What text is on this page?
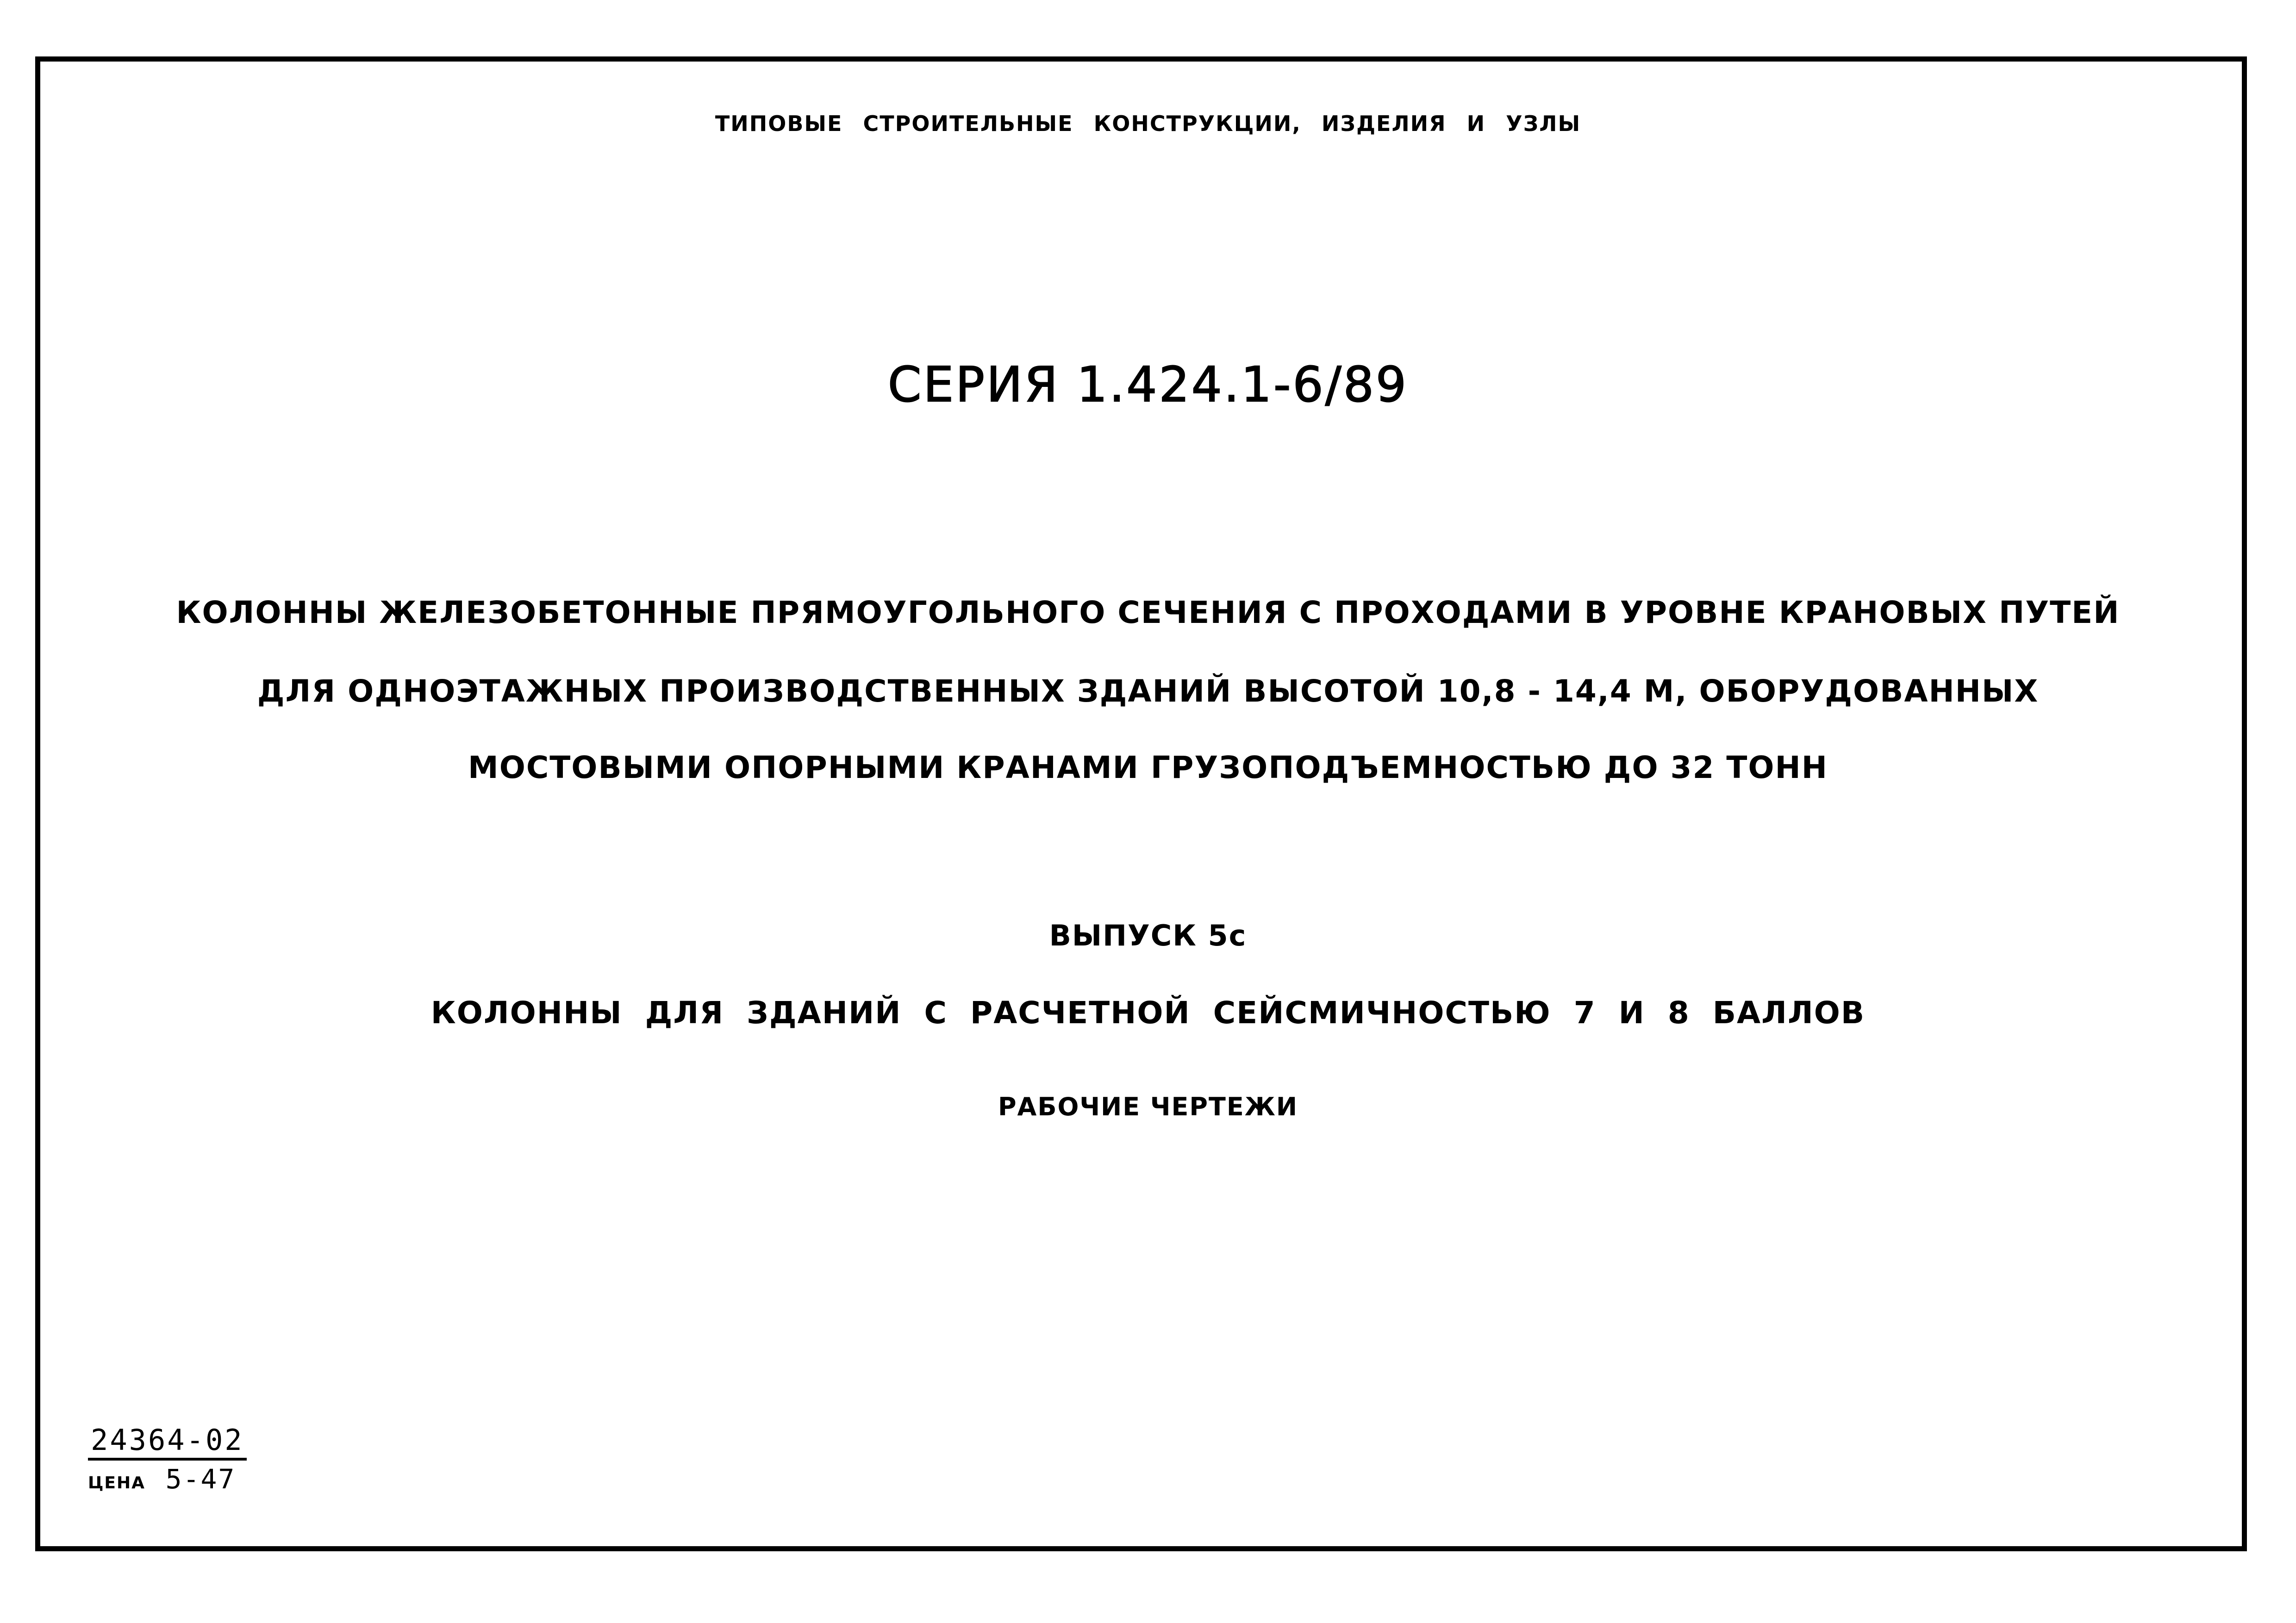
ТИПОВЫЕ СТРОИТЕЛЬНЫЕ КОНСТРУКЦИИ, ИЗДЕЛИЯ И УЗЛЫ
СЕРИЯ 1.424.1-6/89
КОЛОННЫ ЖЕЛЕЗОБЕТОННЫЕ ПРЯМОУГОЛЬНОГО СЕЧЕНИЯ С ПРОХОДАМИ В УРОВНЕ КРАНОВЫХ ПУТЕЙ
ДЛЯ ОДНОЭТАЖНЫХ ПРОИЗВОДСТВЕННЫХ ЗДАНИЙ ВЫСОТОЙ 10,8 - 14,4 М, ОБОРУДОВАННЫХ
МОСТОВЫМИ ОПОРНЫМИ КРАНАМИ ГРУЗОПОДЪЕМНОСТЬЮ ДО 32 ТОНН
ВЫПУСК 5с
КОЛОННЫ ДЛЯ ЗДАНИЙ С РАСЧЕТНОЙ СЕЙСМИЧНОСТЬЮ 7 И 8 БАЛЛОВ
РАБОЧИЕ ЧЕРТЕЖИ
24364-02
ЦЕНА 5-47
